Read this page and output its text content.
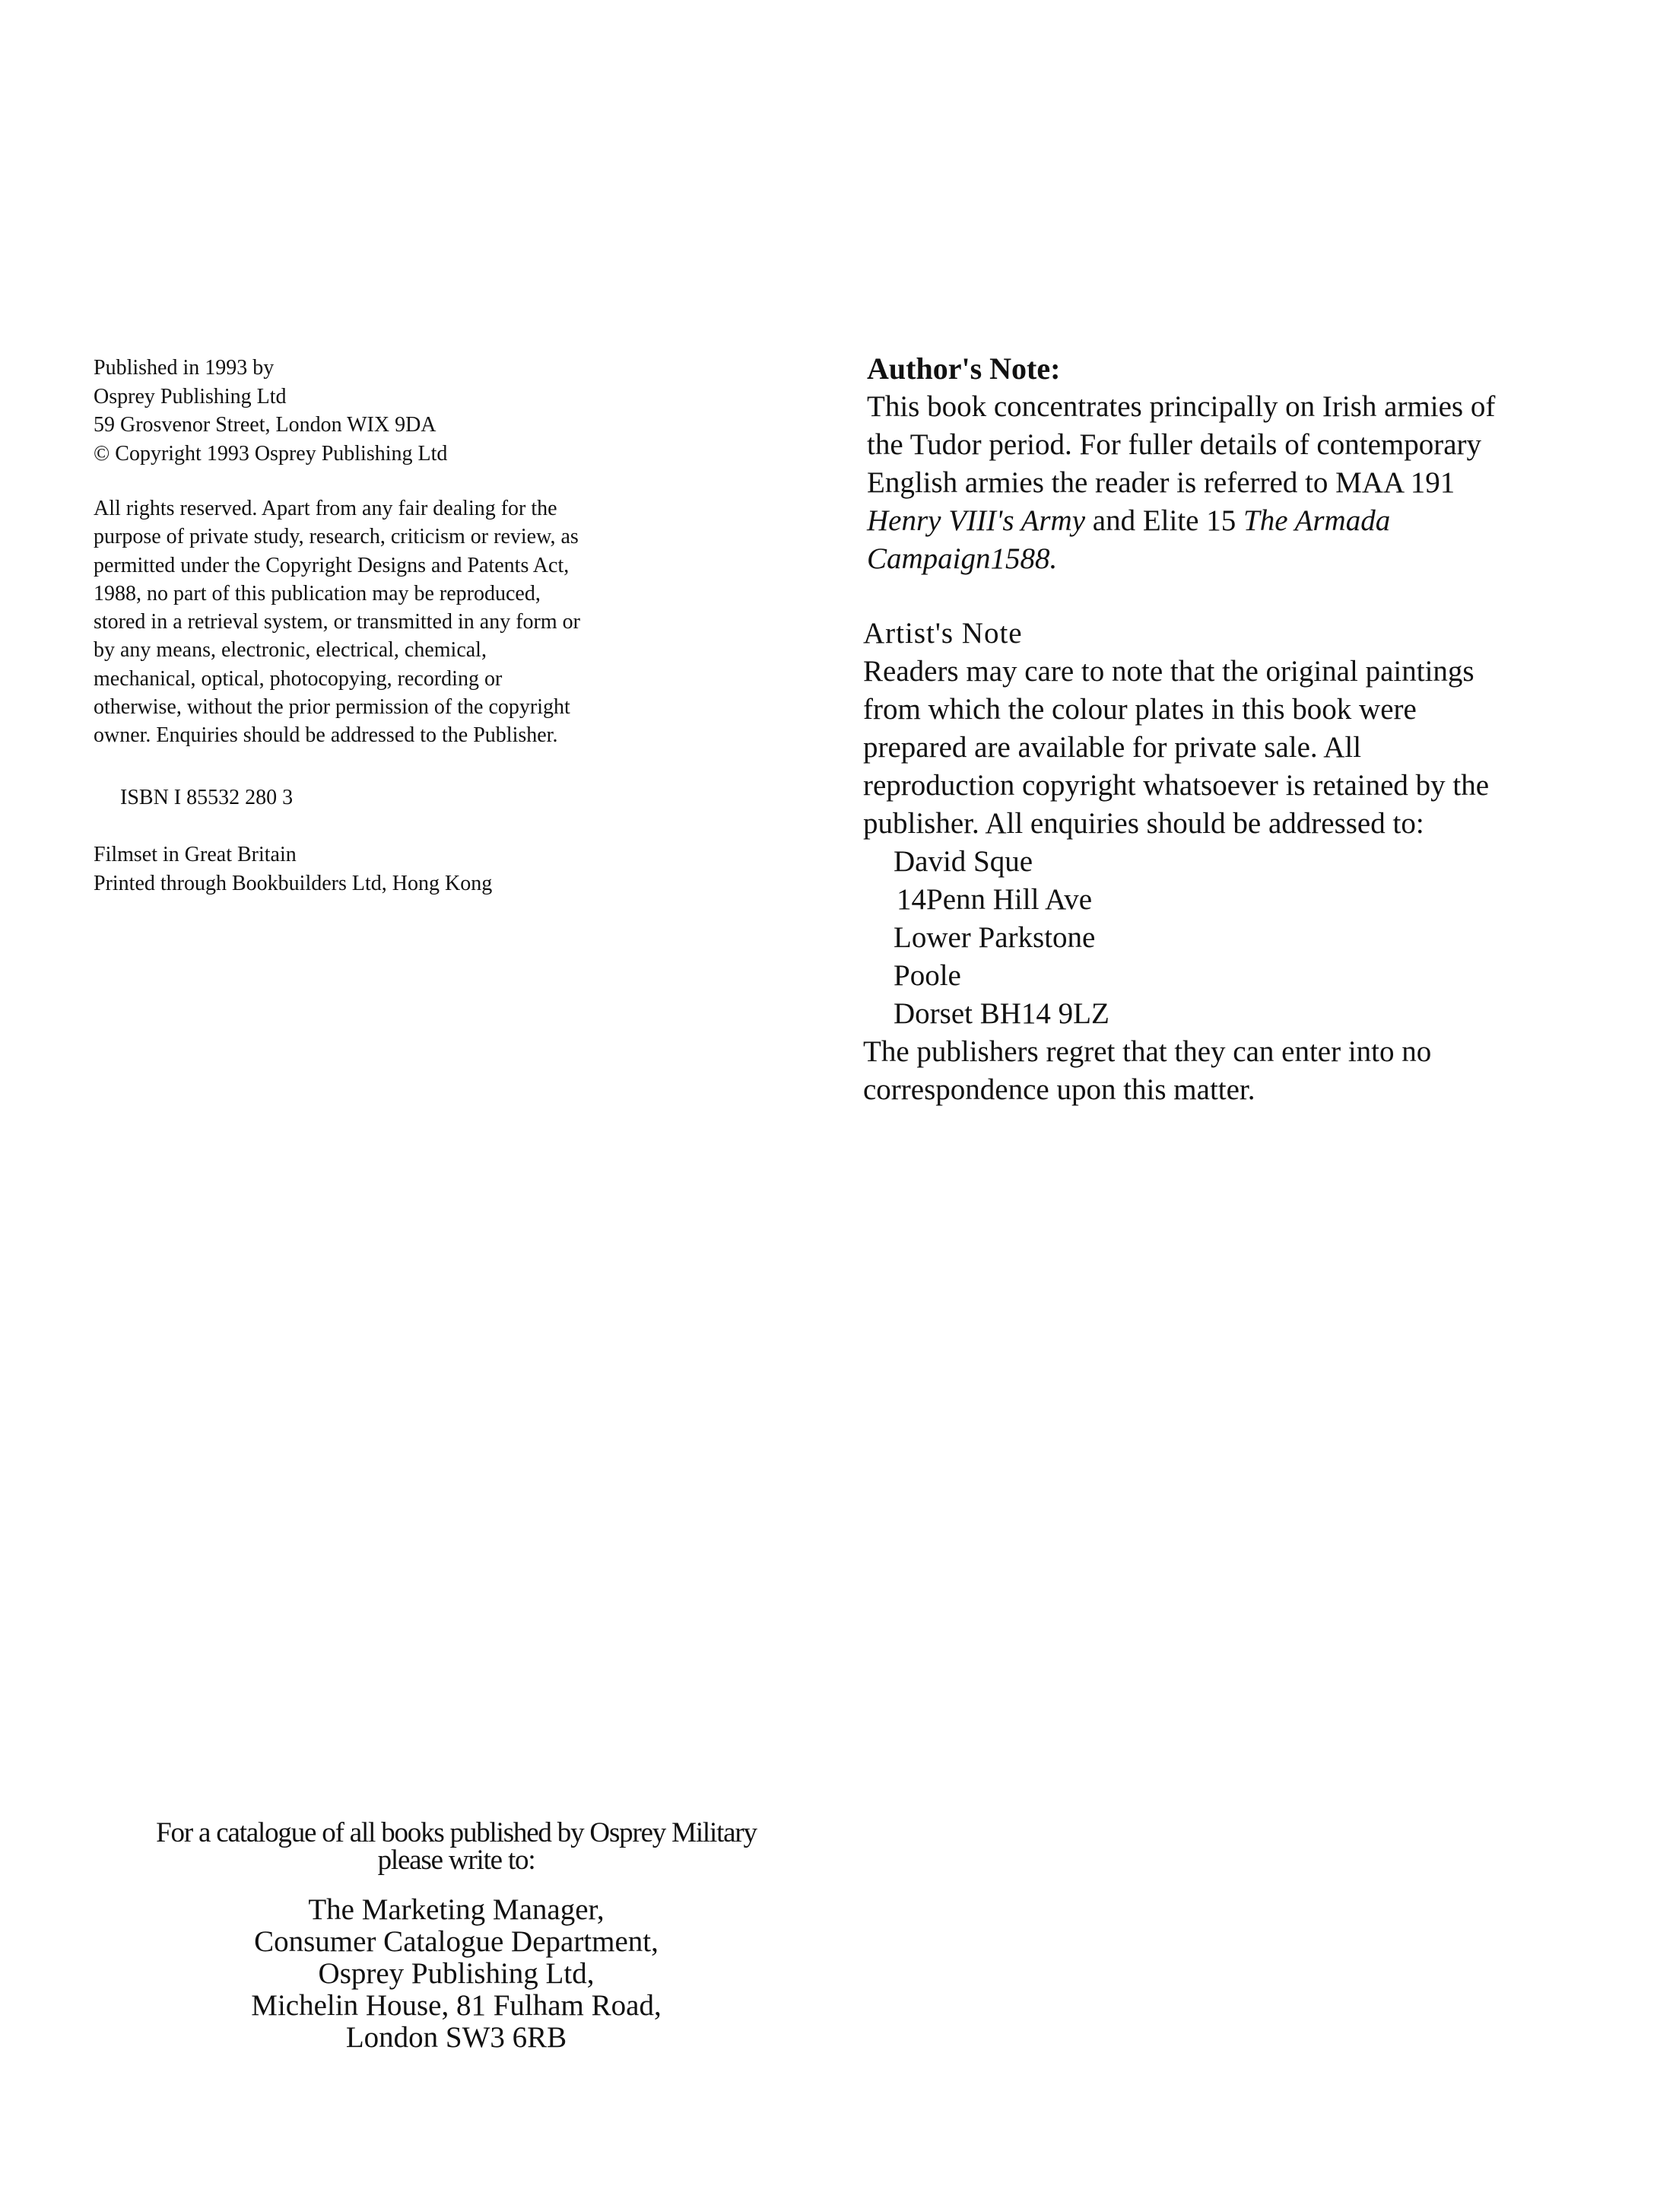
Published in 1993 by
Osprey Publishing Ltd
59 Grosvenor Street, London WIX 9DA
© Copyright 1993 Osprey Publishing Ltd
All rights reserved. Apart from any fair dealing for the
purpose of private study, research, criticism or review, as
permitted under the Copyright Designs and Patents Act,
1988, no part of this publication may be reproduced,
stored in a retrieval system, or transmitted in any form or
by any means, electronic, electrical, chemical,
mechanical, optical, photocopying, recording or
otherwise, without the prior permission of the copyright
owner. Enquiries should be addressed to the Publisher.
ISBN I 85532 280 3
Filmset in Great Britain
Printed through Bookbuilders Ltd, Hong Kong
Author's Note:
This book concentrates principally on Irish armies of
the Tudor period. For fuller details of contemporary
English armies the reader is referred to MAA 191
Henry VIII's Army and Elite 15 The Armada
Campaign1588.
Artist's Note
Readers may care to note that the original paintings
from which the colour plates in this book were
prepared are available for private sale. All
reproduction copyright whatsoever is retained by the
publisher. All enquiries should be addressed to:
David Sque
14Penn Hill Ave
Lower Parkstone
Poole
Dorset BH14 9LZ
The publishers regret that they can enter into no
correspondence upon this matter.
For a catalogue of all books published by Osprey Military
please write to:
The Marketing Manager,
Consumer Catalogue Department,
Osprey Publishing Ltd,
Michelin House, 81 Fulham Road,
London SW3 6RB
